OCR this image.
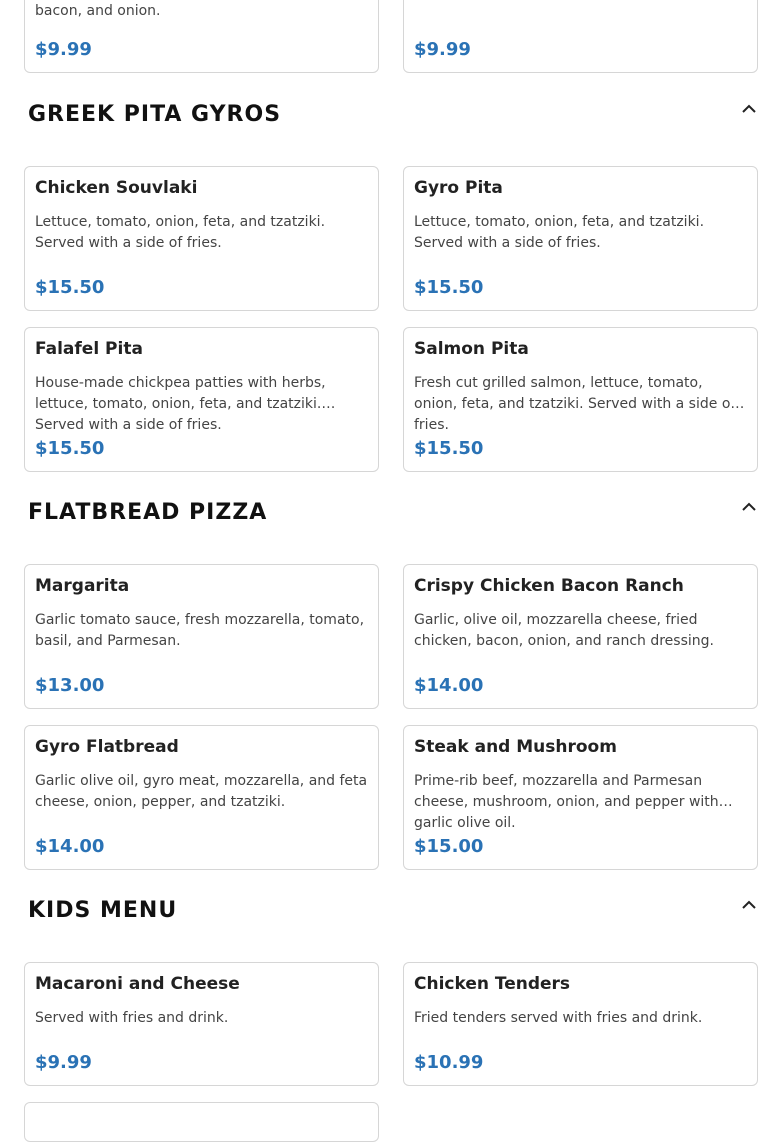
bacon, and onion.
$9.99	$9.99
GREEK PITA GYROS
Chicken Souvlaki
Lettuce, tomato, onion, feta, and tzatziki. Served with a side of fries.
$15.50
Gyro Pita
Lettuce, tomato, onion, feta, and tzatziki. Served with a side of fries.
$15.50
Falafel Pita
House-made chickpea patties with herbs, lettuce, tomato, onion, feta, and tzatziki. Served with a side of fries.
$15.50
Salmon Pita
Fresh cut grilled salmon, lettuce, tomato, onion, feta, and tzatziki. Served with a side of fries.
$15.50
FLATBREAD PIZZA
Margarita
Garlic tomato sauce, fresh mozzarella, tomato, basil, and Parmesan.
$13.00
Crispy Chicken Bacon Ranch
Garlic, olive oil, mozzarella cheese, fried chicken, bacon, onion, and ranch dressing.
$14.00
Gyro Flatbread
Garlic olive oil, gyro meat, mozzarella, and feta cheese, onion, pepper, and tzatziki.
$14.00
Steak and Mushroom
Prime-rib beef, mozzarella and Parmesan cheese, mushroom, onion, and pepper with garlic olive oil.
$15.00
KIDS MENU
Macaroni and Cheese
Served with fries and drink.
$9.99
Chicken Tenders
Fried tenders served with fries and drink.
$10.99
